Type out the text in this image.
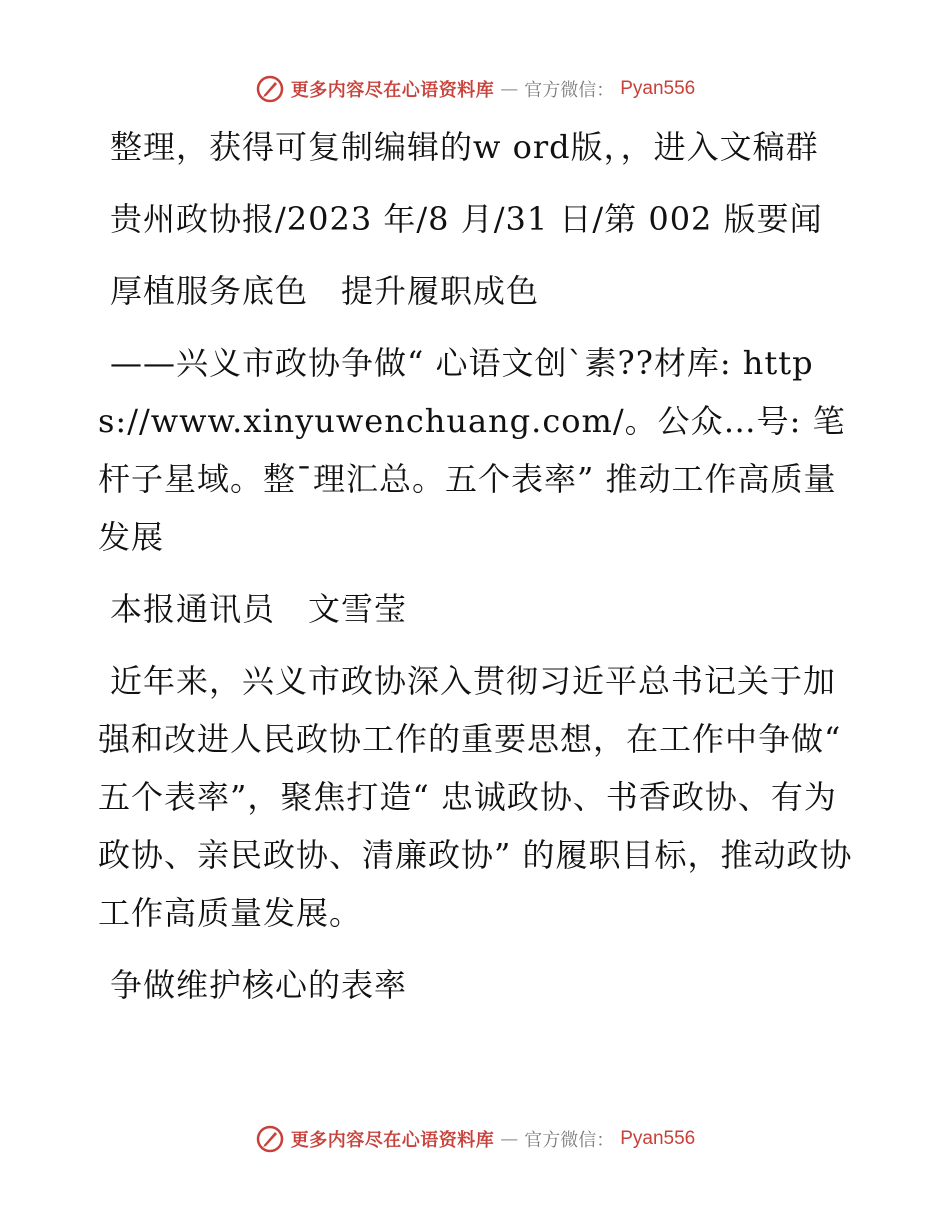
更多内容尽在心语资料库 — 官方微信： Pyan556

整理，获得可复制编辑的w ord版，，进入文稿群

贵州政协报/2023 年/8 月/31 日/第 002 版要闻

厚植服务底色　提升履职成色

——兴义市政协争做“ 心语文创ˋ素??材库: https://www.xinyuwenchuang.com/。公众…号: 笔杆子星域。整¯理汇总。五个表率” 推动工作高质量发展

本报通讯员　文雪莹

近年来，兴义市政协深入贯彻习近平总书记关于加强和改进人民政协工作的重要思想，在工作中争做“ 五个表率”，聚焦打造“ 忠诚政协、书香政协、有为政协、亲民政协、清廉政协” 的履职目标，推动政协工作高质量发展。

争做维护核心的表率

更多内容尽在心语资料库 — 官方微信： Pyan556
